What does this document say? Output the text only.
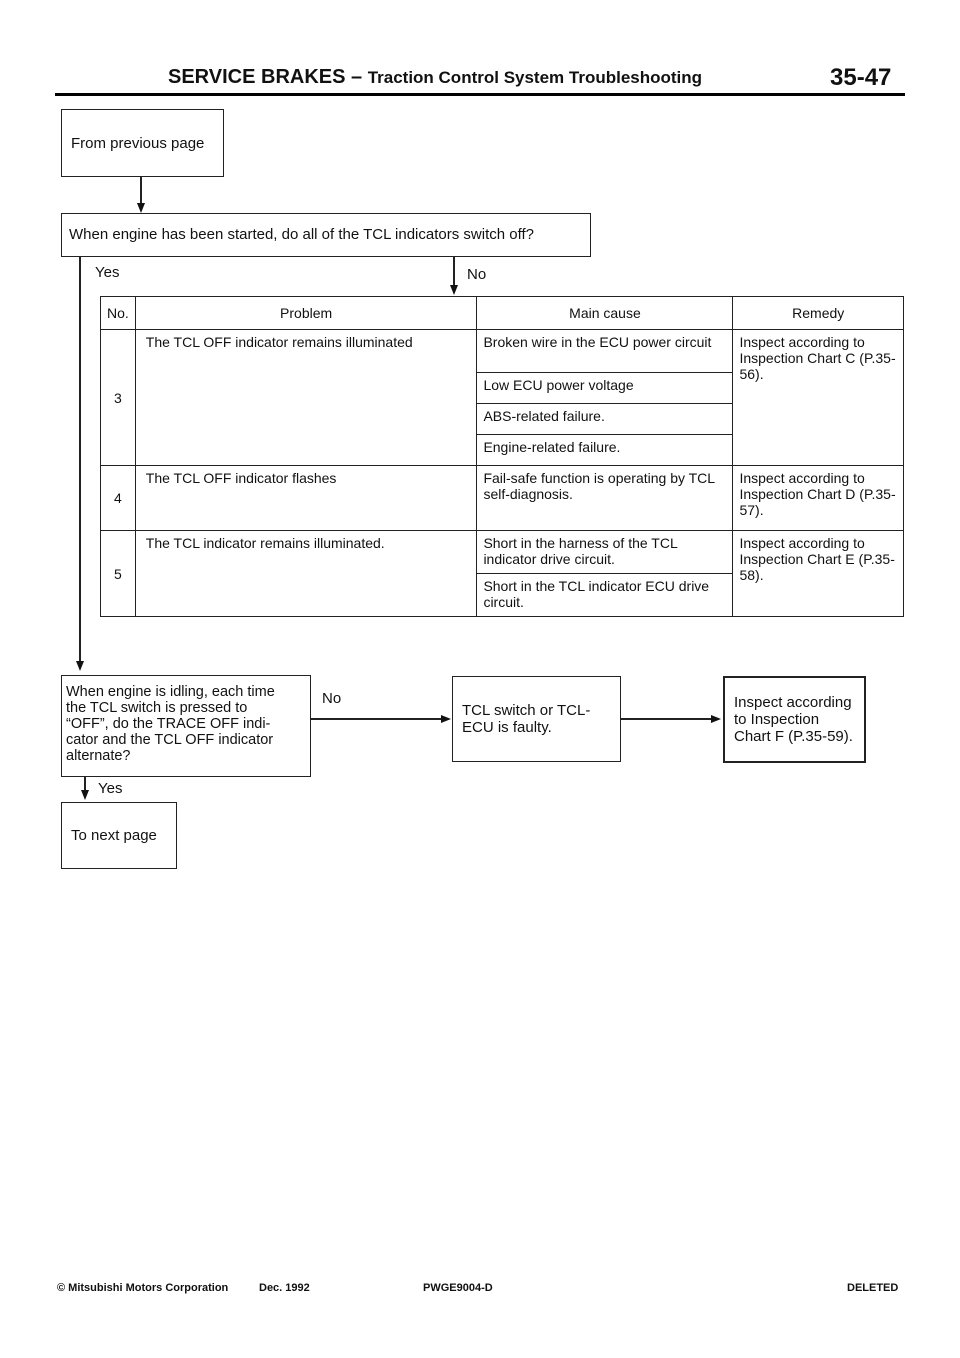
SERVICE BRAKES – Traction Control System Troubleshooting	35-47
From previous page
When engine has been started, do all of the TCL indicators switch off?
Yes	No
No.	Problem	Main cause	Remedy
3	The TCL OFF indicator remains illuminated	Broken wire in the ECU power circuit	Inspect according to Inspection Chart C (P.35-56).
		Low ECU power voltage	
		ABS-related failure.	
		Engine-related failure.	
4	The TCL OFF indicator flashes	Fail-safe function is operating by TCL self-diagnosis.	Inspect according to Inspection Chart D (P.35-57).
5	The TCL indicator remains illuminated.	Short in the harness of the TCL indicator drive circuit.	Inspect according to Inspection Chart E (P.35-58).
		Short in the TCL indicator ECU drive circuit.	
When engine is idling, each time
the TCL switch is pressed to
“OFF”, do the TRACE OFF indi-
cator and the TCL OFF indicator
alternate?
No
TCL switch or TCL-
ECU is faulty.
Inspect according
to Inspection
Chart F (P.35-59).
Yes
To next page
© Mitsubishi Motors Corporation	Dec. 1992	PWGE9004-D	DELETED
